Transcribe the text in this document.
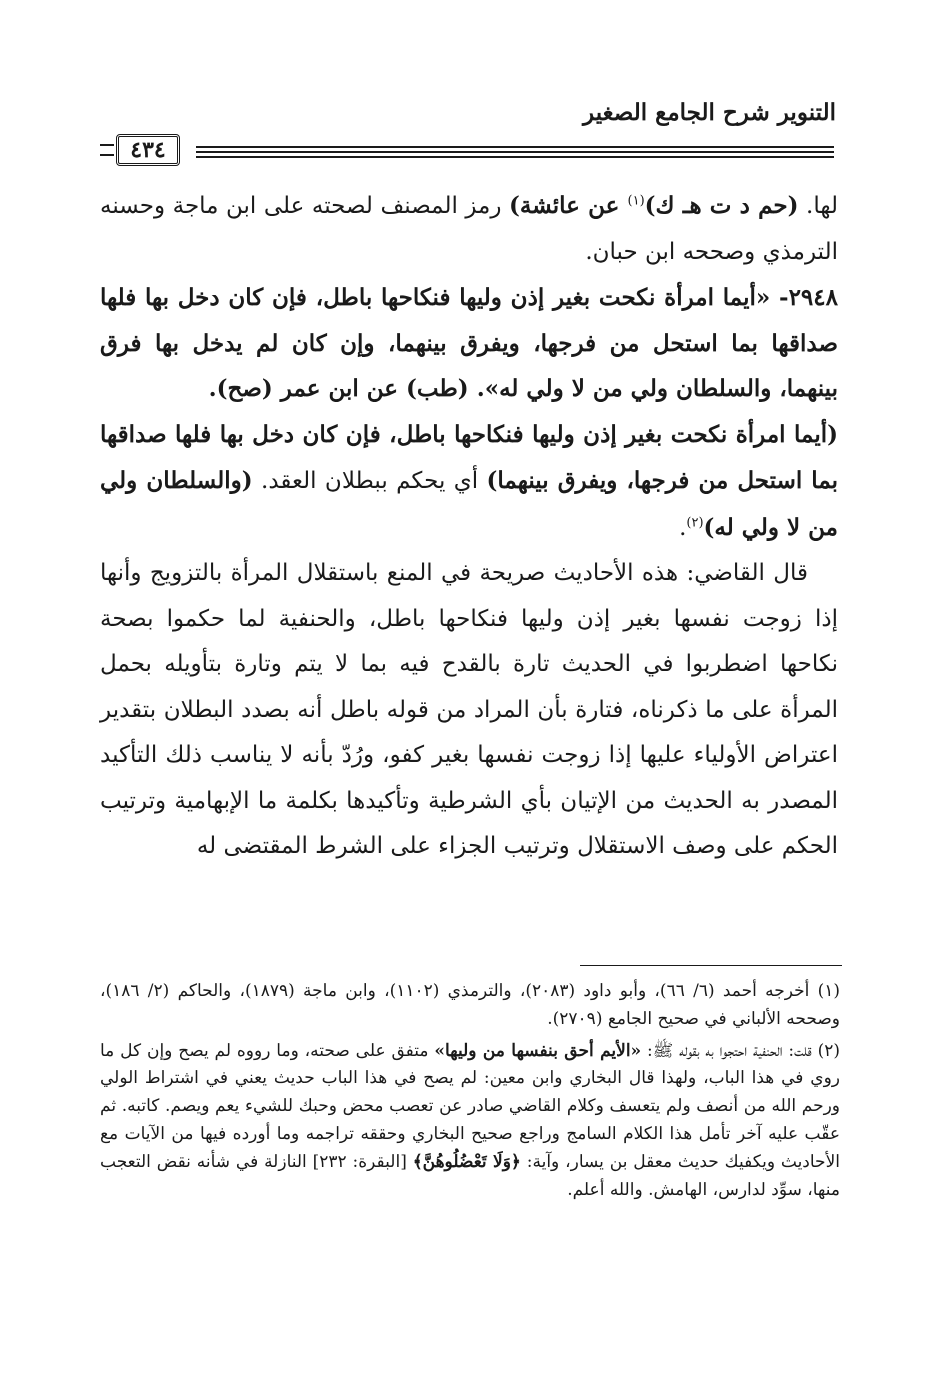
التنوير شرح الجامع الصغير
٤٣٤

لها. (حم د ت هـ ك)$^{(١)}$ عن عائشة) رمز المصنف لصحته على ابن ماجة وحسنه الترمذي وصححه ابن حبان.

٢٩٤٨- «أيما امرأة نكحت بغير إذن وليها فنكاحها باطل، فإن كان دخل بها فلها صداقها بما استحل من فرجها، ويفرق بينهما، وإن كان لم يدخل بها فرق بينهما، والسلطان ولي من لا ولي له». (طب) عن ابن عمر (صح).

(أيما امرأة نكحت بغير إذن وليها فنكاحها باطل، فإن كان دخل بها فلها صداقها بما استحل من فرجها، ويفرق بينهما) أي يحكم ببطلان العقد. (والسلطان ولي من لا ولي له)$^{(٢)}$.

قال القاضي: هذه الأحاديث صريحة في المنع باستقلال المرأة بالتزويج وأنها إذا زوجت نفسها بغير إذن وليها فنكاحها باطل، والحنفية لما حكموا بصحة نكاحها اضطربوا في الحديث تارة بالقدح فيه بما لا يتم وتارة بتأويله بحمل المرأة على ما ذكرناه، فتارة بأن المراد من قوله باطل أنه بصدد البطلان بتقدير اعتراض الأولياء عليها إذا زوجت نفسها بغير كفو، ورُدّ بأنه لا يناسب ذلك التأكيد المصدر به الحديث من الإتيان بأي الشرطية وتأكيدها بكلمة ما الإبهامية وترتيب الحكم على وصف الاستقلال وترتيب الجزاء على الشرط المقتضى له

(١) أخرجه أحمد (٦/ ٦٦)، وأبو داود (٢٠٨٣)، والترمذي (١١٠٢)، وابن ماجة (١٨٧٩)، والحاكم (٢/ ١٨٦)، وصححه الألباني في صحيح الجامع (٢٧٠٩).

(٢) قلت: الحنفية احتجوا به بقوله ﷺ: «الأيم أحق بنفسها من وليها» متفق على صحته، وما رووه لم يصح وإن كل ما روي في هذا الباب، ولهذا قال البخاري وابن معين: لم يصح في هذا الباب حديث يعني في اشتراط الولي ورحم الله من أنصف ولم يتعسف وكلام القاضي صادر عن تعصب محض وحبك للشيء يعم ويصم. كاتبه. ثم عقّب عليه آخر تأمل هذا الكلام السامج وراجع صحيح البخاري وحققه تراجمه وما أورده فيها من الآيات مع الأحاديث ويكفيك حديث معقل بن يسار، وآية: ﴿وَلَا تَعْضُلُوهُنَّ﴾ [البقرة: ٢٣٢] النازلة في شأنه نقض التعجب منها، سوِّد لدارس، الهامش. والله أعلم.
